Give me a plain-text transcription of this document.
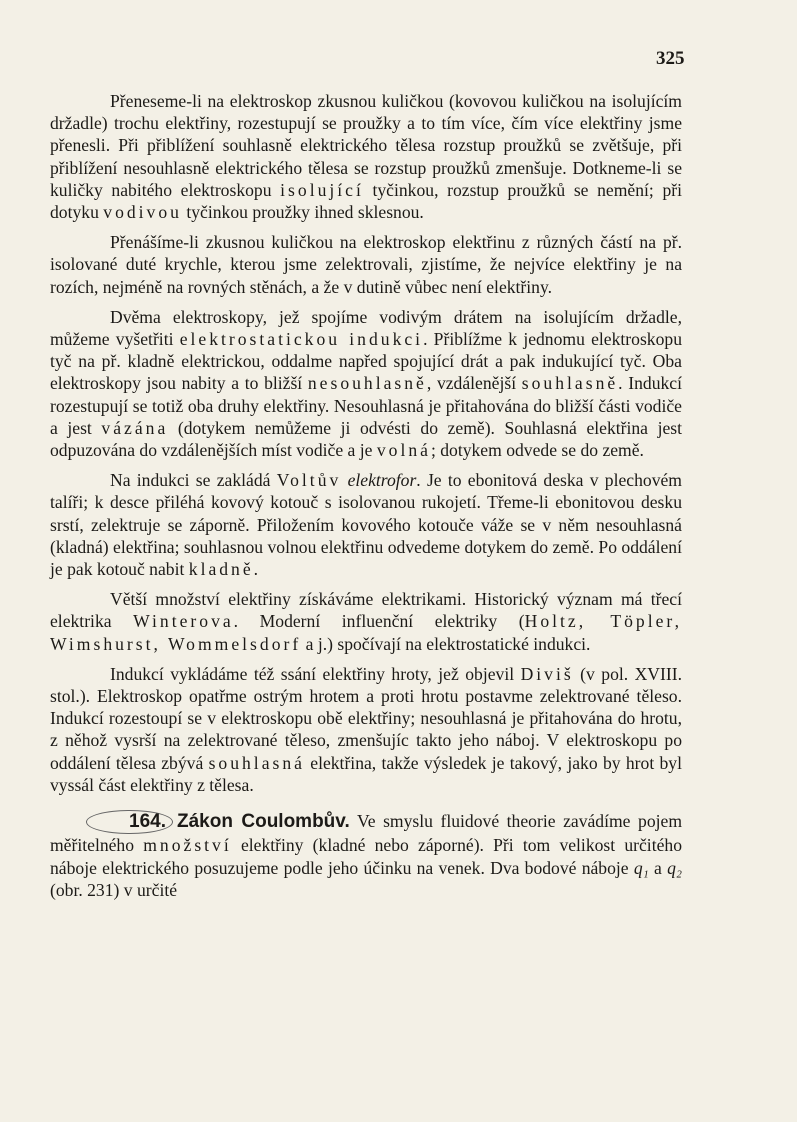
325

Přeneseme-li na elektroskop zkusnou kuličkou (kovovou kuličkou na isolujícím držadle) trochu elektřiny, rozestupují se proužky a to tím více, čím více elektřiny jsme přenesli. Při přiblížení souhlasně elektrického tělesa rozstup proužků se zvětšuje, při přiblížení nesouhlasně elektrického tělesa se rozstup proužků zmenšuje. Dotkneme-li se kuličky nabitého elektroskopu isolující tyčinkou, rozstup proužků se nemění; při dotyku vodivou tyčinkou proužky ihned sklesnou.

Přenášíme-li zkusnou kuličkou na elektroskop elektřinu z různých částí na př. isolované duté krychle, kterou jsme zelektrovali, zjistíme, že nejvíce elektřiny je na rozích, nejméně na rovných stěnách, a že v dutině vůbec není elektřiny.

Dvěma elektroskopy, jež spojíme vodivým drátem na isolujícím držadle, můžeme vyšetřiti elektrostatickou indukci. Přiblížme k jednomu elektroskopu tyč na př. kladně elektrickou, oddalme napřed spojující drát a pak indukující tyč. Oba elektroskopy jsou nabity a to bližší nesouhlasně, vzdálenější souhlasně. Indukcí rozestupují se totiž oba druhy elektřiny. Nesouhlasná je přitahována do bližší části vodiče a jest vázána (dotykem nemůžeme ji odvésti do země). Souhlasná elektřina jest odpuzována do vzdálenějších míst vodiče a je volná; dotykem odvede se do země.

Na indukci se zakládá Voltův elektrofor. Je to ebonitová deska v plechovém talíři; k desce přiléhá kovový kotouč s isolovanou rukojetí. Třeme-li ebonitovou desku srstí, zelektruje se záporně. Přiložením kovového kotouče váže se v něm nesouhlasná (kladná) elektřina; souhlasnou volnou elektřinu odvedeme dotykem do země. Po oddálení je pak kotouč nabit kladně.

Větší množství elektřiny získáváme elektrikami. Historický význam má třecí elektrika Winterova. Moderní influenční elektriky (Holtz, Töpler, Wimshurst, Wommelsdorf a j.) spočívají na elektrostatické indukci.

Indukcí vykládáme též ssání elektřiny hroty, jež objevil Diviš (v pol. XVIII. stol.). Elektroskop opatřme ostrým hrotem a proti hrotu postavme zelektrované těleso. Indukcí rozestoupí se v elektroskopu obě elektřiny; nesouhlasná je přitahována do hrotu, z něhož vysrší na zelektrované těleso, zmenšujíc takto jeho náboj. V elektroskopu po oddálení tělesa zbývá souhlasná elektřina, takže výsledek je takový, jako by hrot byl vyssál část elektřiny z tělesa.

164. Zákon Coulombův. Ve smyslu fluidové theorie zavádíme pojem měřitelného množství elektřiny (kladné nebo záporné). Při tom velikost určitého náboje elektrického posuzujeme podle jeho účinku na venek. Dva bodové náboje q₁ a q₂ (obr. 231) v určité
